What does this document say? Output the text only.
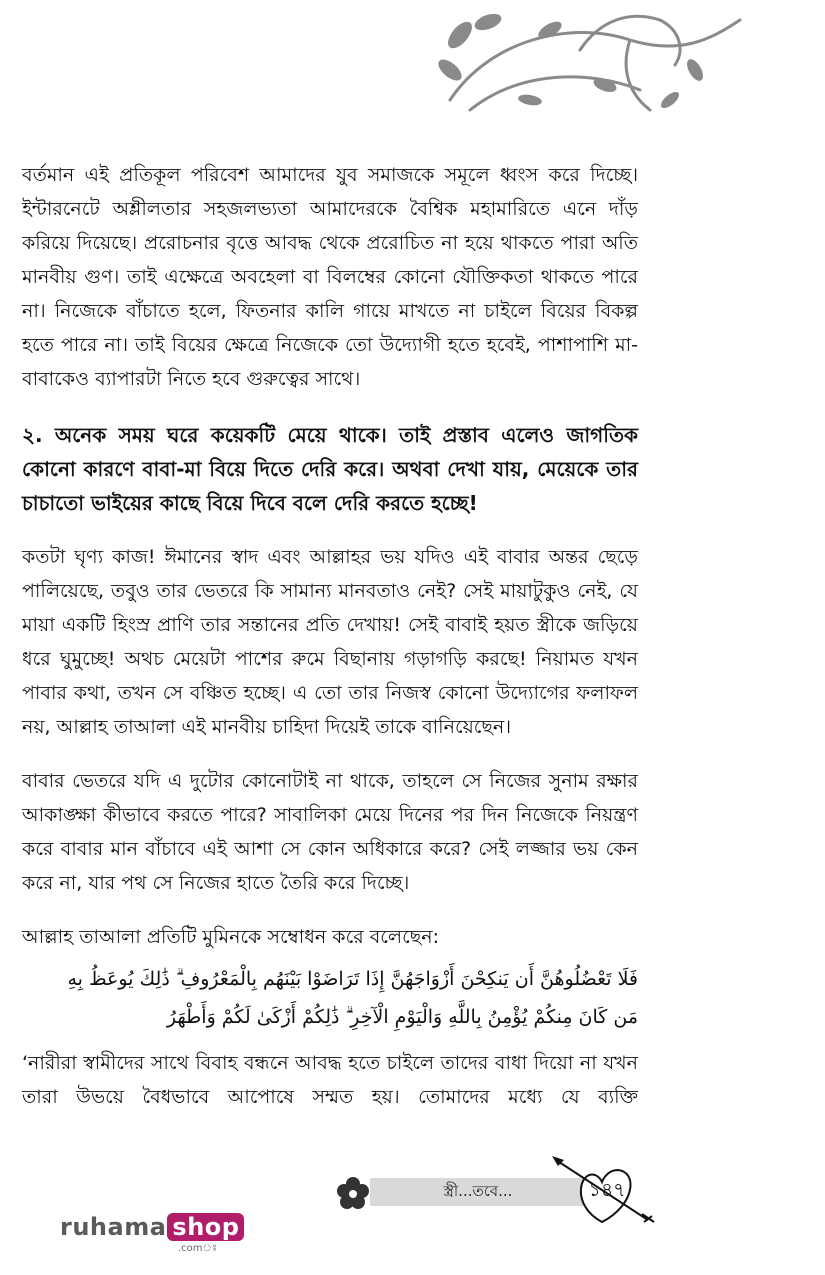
বর্তমান এই প্রতিকূল পরিবেশ আমাদের যুব সমাজকে সমূলে ধ্বংস করে দিচ্ছে। ইন্টারনেটে অশ্লীলতার সহজলভ্যতা আমাদেরকে বৈশ্বিক মহামারিতে এনে দাঁড় করিয়ে দিয়েছে। প্ররোচনার বৃত্তে আবদ্ধ থেকে প্ররোচিত না হয়ে থাকতে পারা অতি মানবীয় গুণ। তাই এক্ষেত্রে অবহেলা বা বিলম্বের কোনো যৌক্তিকতা থাকতে পারে না। নিজেকে বাঁচাতে হলে, ফিতনার কালি গায়ে মাখতে না চাইলে বিয়ের বিকল্প হতে পারে না। তাই বিয়ের ক্ষেত্রে নিজেকে তো উদ্যোগী হতে হবেই, পাশাপাশি মা-বাবাকেও ব্যাপারটা নিতে হবে গুরুত্বের সাথে।

২. অনেক সময় ঘরে কয়েকটি মেয়ে থাকে। তাই প্রস্তাব এলেও জাগতিক কোনো কারণে বাবা-মা বিয়ে দিতে দেরি করে। অথবা দেখা যায়, মেয়েকে তার চাচাতো ভাইয়ের কাছে বিয়ে দিবে বলে দেরি করতে হচ্ছে!

কতটা ঘৃণ্য কাজ! ঈমানের স্বাদ এবং আল্লাহর ভয় যদিও এই বাবার অন্তর ছেড়ে পালিয়েছে, তবুও তার ভেতরে কি সামান্য মানবতাও নেই? সেই মায়াটুকুও নেই, যে মায়া একটি হিংস্র প্রাণি তার সন্তানের প্রতি দেখায়! সেই বাবাই হয়ত স্ত্রীকে জড়িয়ে ধরে ঘুমুচ্ছে! অথচ মেয়েটা পাশের রুমে বিছানায় গড়াগড়ি করছে! নিয়ামত যখন পাবার কথা, তখন সে বঞ্চিত হচ্ছে। এ তো তার নিজস্ব কোনো উদ্যোগের ফলাফল নয়, আল্লাহ তাআলা এই মানবীয় চাহিদা দিয়েই তাকে বানিয়েছেন।

বাবার ভেতরে যদি এ দুটোর কোনোটাই না থাকে, তাহলে সে নিজের সুনাম রক্ষার আকাঙ্ক্ষা কীভাবে করতে পারে? সাবালিকা মেয়ে দিনের পর দিন নিজেকে নিয়ন্ত্রণ করে বাবার মান বাঁচাবে এই আশা সে কোন অধিকারে করে? সেই লজ্জার ভয় কেন করে না, যার পথ সে নিজের হাতে তৈরি করে দিচ্ছে।

আল্লাহ তাআলা প্রতিটি মুমিনকে সম্বোধন করে বলেছেন:

فَلَا تَعْضُلُوهُنَّ أَن يَنكِحْنَ أَزْوَاجَهُنَّ إِذَا تَرَاضَوْا بَيْنَهُم بِالْمَعْرُوفِ ۗ ذَٰلِكَ يُوعَظُ بِهِ
مَن كَانَ مِنكُمْ يُؤْمِنُ بِاللَّهِ وَالْيَوْمِ الْآخِرِ ۗ ذَٰلِكُمْ أَزْكَىٰ لَكُمْ وَأَطْهَرُ

‘নারীরা স্বামীদের সাথে বিবাহ বন্ধনে আবদ্ধ হতে চাইলে তাদের বাধা দিয়ো না যখন তারা উভয়ে বৈধভাবে আপোষে সম্মত হয়। তোমাদের মধ্যে যে ব্যক্তি

স্ত্রী...তবে...	১৪৭
ruhama shop
.comঃ
